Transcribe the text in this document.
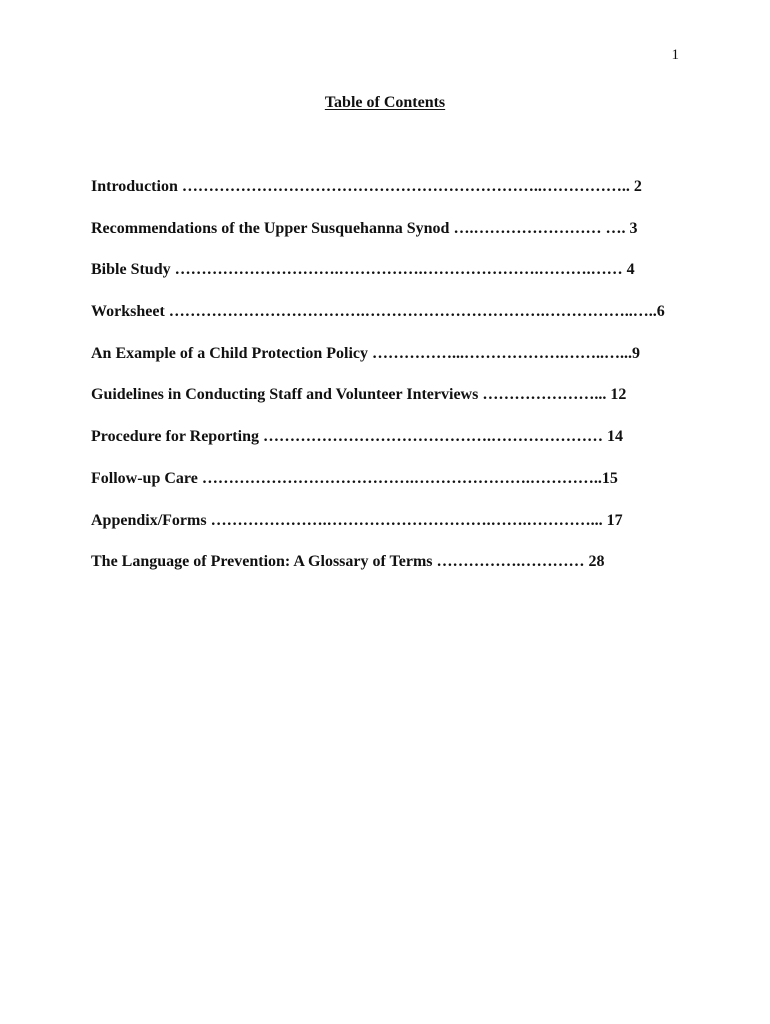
1
Table of Contents
Introduction …………………………………………………………..…………….. 2
Recommendations of the Upper Susquehanna Synod ….…………………… …. 3
Bible Study ………………………….…………….………………….……….…… 4
Worksheet ……………………………….…………………………….……………..…..6
An Example of a Child Protection Policy ……………...……………….……..…...9
Guidelines in Conducting Staff and Volunteer Interviews …………………... 12
Procedure for Reporting …………………………………….………………… 14
Follow-up Care ………………………………….………………….…………..15
Appendix/Forms ………………….………………………….…….…………... 17
The Language of Prevention: A Glossary of Terms …………….………… 28
